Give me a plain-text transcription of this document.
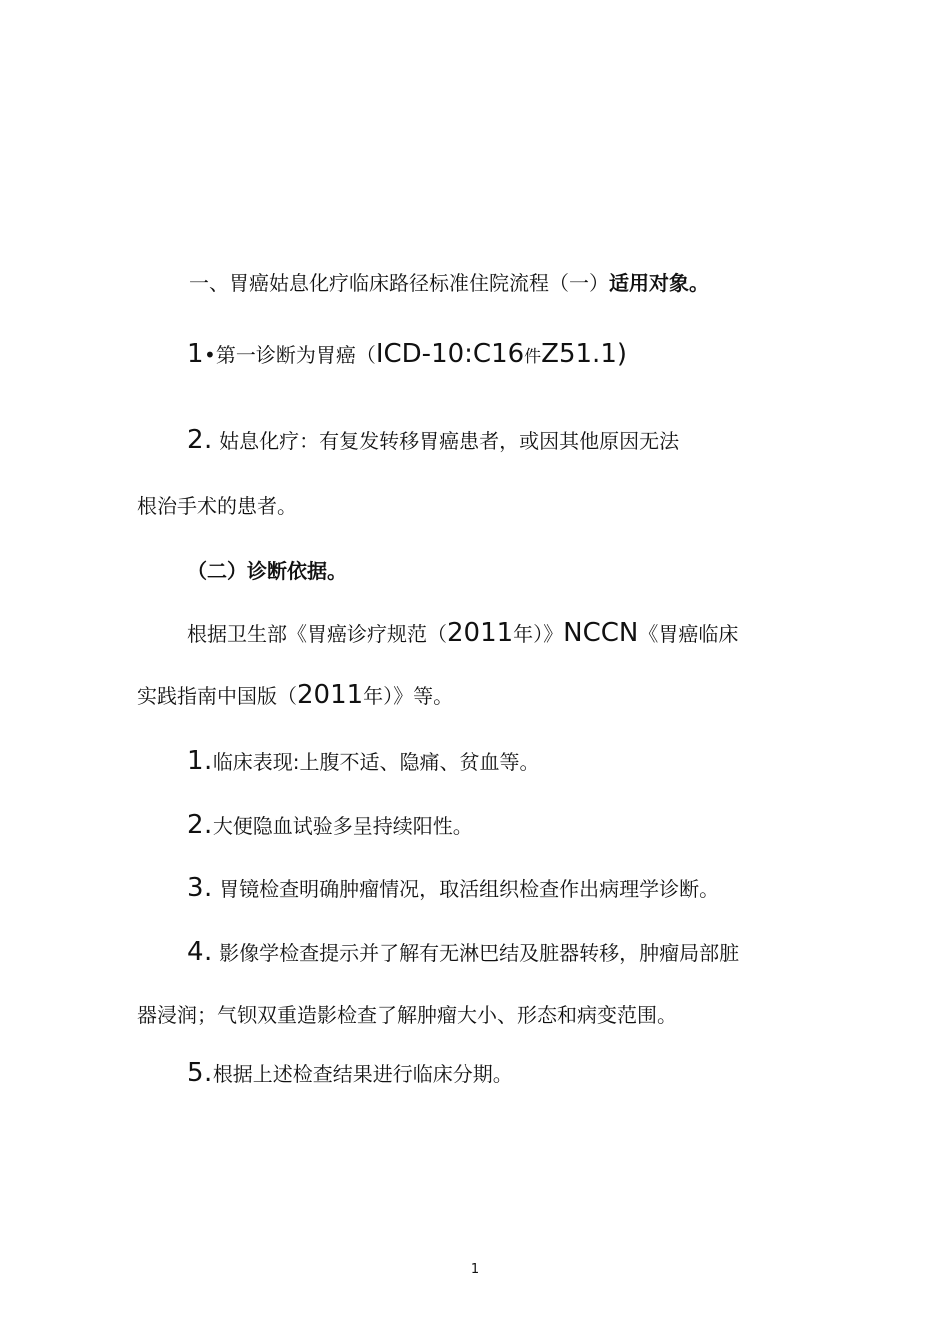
一、胃癌姑息化疗临床路径标准住院流程（一）适用对象。
1•第一诊断为胃癌（ICD-10:C16件Z51.1)
2. 姑息化疗：有复发转移胃癌患者，或因其他原因无法
根治手术的患者。
（二）诊断依据。
根据卫生部《胃癌诊疗规范（2011年）》NCCN《胃癌临床
实践指南中国版（2011年）》等。
1.临床表现:上腹不适、隐痛、贫血等。
2.大便隐血试验多呈持续阳性。
3. 胃镜检查明确肿瘤情况，取活组织检查作出病理学诊断。
4. 影像学检查提示并了解有无淋巴结及脏器转移，肿瘤局部脏
器浸润；气钡双重造影检查了解肿瘤大小、形态和病变范围。
5.根据上述检查结果进行临床分期。
1
